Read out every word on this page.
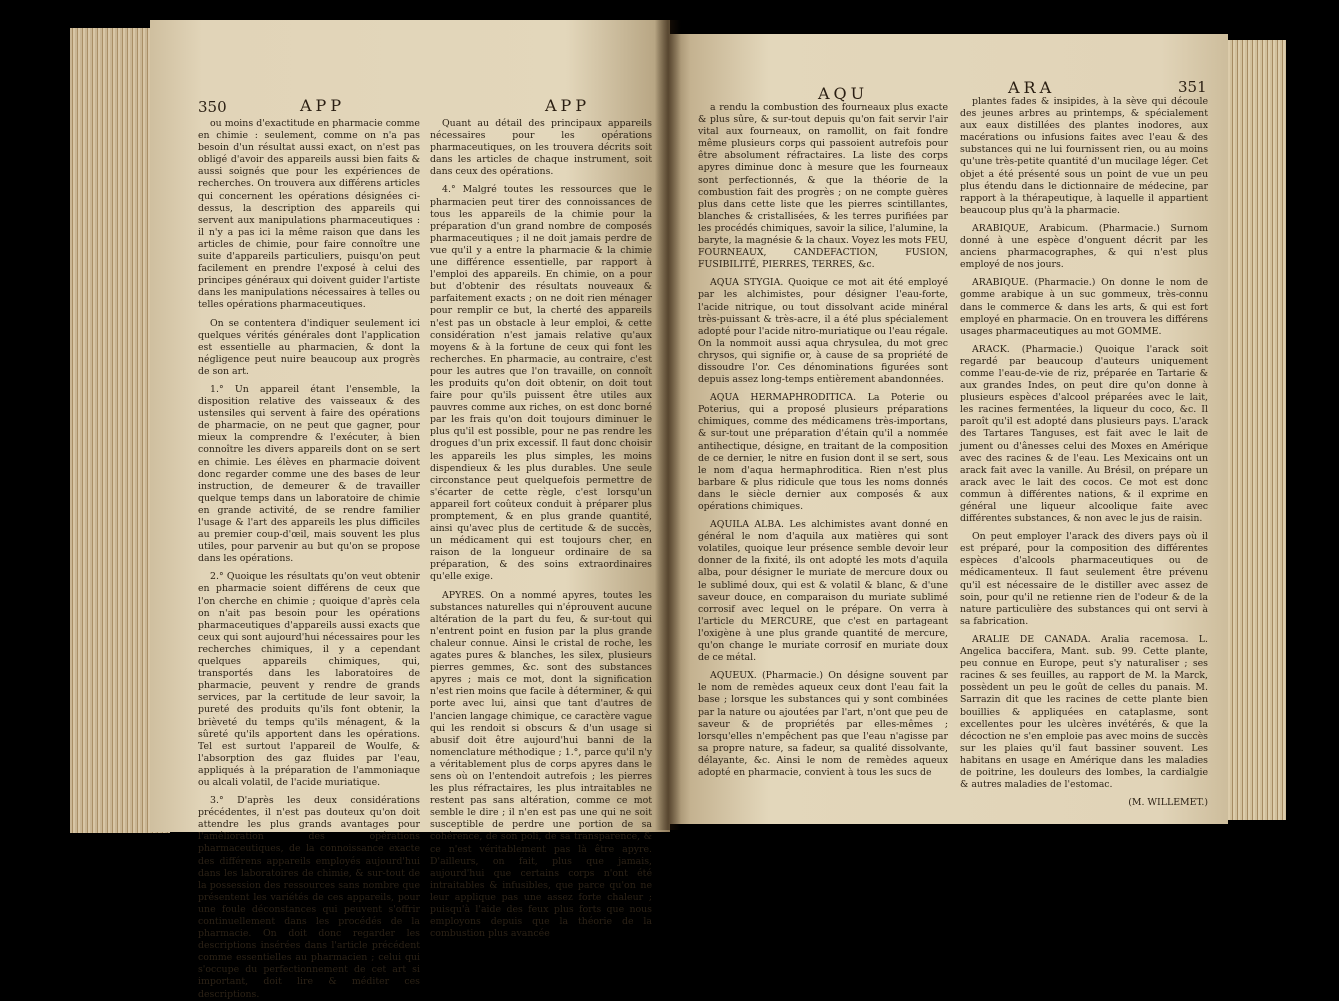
350	APP	APP

ou moins d'exactitude en pharmacie comme en chimie : seulement, comme on n'a pas besoin d'un résultat aussi exact, on n'est pas obligé d'avoir des appareils aussi bien faits & aussi soignés que pour les expériences de recherches. On trouvera aux différens articles qui concernent les opérations désignées ci-dessus, la description des appareils qui servent aux manipulations pharmaceutiques : il n'y a pas ici la même raison que dans les articles de chimie, pour faire connoître une suite d'appareils particuliers, puisqu'on peut facilement en prendre l'exposé à celui des principes généraux qui doivent guider l'artiste dans les manipulations nécessaires à telles ou telles opérations pharmaceutiques.

On se contentera d'indiquer seulement ici quelques vérités générales dont l'application est essentielle au pharmacien, & dont la négligence peut nuire beaucoup aux progrès de son art.

1.° Un appareil étant l'ensemble, la disposition relative des vaisseaux & des ustensiles qui servent à faire des opérations de pharmacie, on ne peut que gagner, pour mieux la comprendre & l'exécuter, à bien connoître les divers appareils dont on se sert en chimie. Les élèves en pharmacie doivent donc regarder comme une des bases de leur instruction, de demeurer & de travailler quelque temps dans un laboratoire de chimie en grande activité, de se rendre familier l'usage & l'art des appareils les plus difficiles au premier coup-d'œil, mais souvent les plus utiles, pour parvenir au but qu'on se propose dans les opérations.

2.° Quoique les résultats qu'on veut obtenir en pharmacie soient différens de ceux que l'on cherche en chimie ; quoique d'après cela on n'ait pas besoin pour les opérations pharmaceutiques d'appareils aussi exacts que ceux qui sont aujourd'hui nécessaires pour les recherches chimiques, il y a cependant quelques appareils chimiques, qui, transportés dans les laboratoires de pharmacie, peuvent y rendre de grands services, par la certitude de leur savoir, la pureté des produits qu'ils font obtenir, la brièveté du temps qu'ils ménagent, & la sûreté qu'ils apportent dans les opérations. Tel est surtout l'appareil de Woulfe, & l'absorption des gaz fluides par l'eau, appliqués à la préparation de l'ammoniaque ou alcali volatil, de l'acide muriatique.

3.° D'après les deux considérations précédentes, il n'est pas douteux qu'on doit attendre les plus grands avantages pour l'amélioration des opérations pharmaceutiques, de la connoissance exacte des différens appareils employés aujourd'hui dans les laboratoires de chimie, & sur-tout de la possession des ressources sans nombre que présentent les variétés de ces appareils, pour une foule déconstances qui peuvent s'offrir continuellement dans les procédés de la pharmacie. On doit donc regarder les descriptions insérées dans l'article précédent comme essentielles au pharmacien ; celui qui s'occupe du perfectionnement de cet art si important, doit lire & méditer ces descriptions.

Quant au détail des principaux appareils nécessaires pour les opérations pharmaceutiques, on les trouvera décrits soit dans les articles de chaque instrument, soit dans ceux des opérations.

4.° Malgré toutes les ressources que le pharmacien peut tirer des connoissances de tous les appareils de la chimie pour la préparation d'un grand nombre de composés pharmaceutiques ; il ne doit jamais perdre de vue qu'il y a entre la pharmacie & la chimie une différence essentielle, par rapport à l'emploi des appareils. En chimie, on a pour but d'obtenir des résultats nouveaux & parfaitement exacts ; on ne doit rien ménager pour remplir ce but, la cherté des appareils n'est pas un obstacle à leur emploi, & cette considération n'est jamais relative qu'aux moyens & à la fortune de ceux qui font les recherches. En pharmacie, au contraire, c'est pour les autres que l'on travaille, on connoît les produits qu'on doit obtenir, on doit tout faire pour qu'ils puissent être utiles aux pauvres comme aux riches, on est donc borné par les frais qu'on doit toujours diminuer le plus qu'il est possible, pour ne pas rendre les drogues d'un prix excessif. Il faut donc choisir les appareils les plus simples, les moins dispendieux & les plus durables. Une seule circonstance peut quelquefois permettre de s'écarter de cette règle, c'est lorsqu'un appareil fort coûteux conduit à préparer plus promptement, & en plus grande quantité, ainsi qu'avec plus de certitude & de succès, un médicament qui est toujours cher, en raison de la longueur ordinaire de sa préparation, & des soins extraordinaires qu'elle exige.

APYRES. On a nommé apyres, toutes les substances naturelles qui n'éprouvent aucune altération de la part du feu, & sur-tout qui n'entrent point en fusion par la plus grande chaleur connue. Ainsi le cristal de roche, les agates pures & blanches, les silex, plusieurs pierres gemmes, &c. sont des substances apyres ; mais ce mot, dont la signification n'est rien moins que facile à déterminer, & qui porte avec lui, ainsi que tant d'autres de l'ancien langage chimique, ce caractère vague qui les rendoit si obscurs & d'un usage si abusif doit être aujourd'hui banni de la nomenclature méthodique ; 1.°, parce qu'il n'y a véritablement plus de corps apyres dans le sens où on l'entendoit autrefois ; les pierres les plus réfractaires, les plus intraitables ne restent pas sans altération, comme ce mot semble le dire ; il n'en est pas une qui ne soit susceptible de perdre une portion de sa cohérence, de son poli, de sa transparence, & ce n'est véritablement pas là être apyre. D'ailleurs, on fait, plus que jamais, aujourd'hui que certains corps n'ont été intraitables & infusibles, que parce qu'on ne leur applique pas une assez forte chaleur ; puisqu'à l'aide des feux plus forts que nous employons depuis que la théorie de la combustion plus avancée

AQU	ARA	351

a rendu la combustion des fourneaux plus exacte & plus sûre, & sur-tout depuis qu'on fait servir l'air vital aux fourneaux, on ramollit, on fait fondre même plusieurs corps qui passoient autrefois pour être absolument réfractaires. La liste des corps apyres diminue donc à mesure que les fourneaux sont perfectionnés, & que la théorie de la combustion fait des progrès ; on ne compte guères plus dans cette liste que les pierres scintillantes, blanches & cristallisées, & les terres purifiées par les procédés chimiques, savoir la silice, l'alumine, la baryte, la magnésie & la chaux. Voyez les mots FEU, FOURNEAUX, CANDEFACTION, FUSION, FUSIBILITÉ, PIERRES, TERRES, &c.

AQUA STYGIA. Quoique ce mot ait été employé par les alchimistes, pour désigner l'eau-forte, l'acide nitrique, ou tout dissolvant acide minéral très-puissant & très-acre, il a été plus spécialement adopté pour l'acide nitro-muriatique ou l'eau régale. On la nommoit aussi aqua chrysulea, du mot grec chrysos, qui signifie or, à cause de sa propriété de dissoudre l'or. Ces dénominations figurées sont depuis assez long-temps entièrement abandonnées.

AQUA HERMAPHRODITICA. La Poterie ou Poterius, qui a proposé plusieurs préparations chimiques, comme des médicamens très-importans, & sur-tout une préparation d'étain qu'il a nommée antihectique, désigne, en traitant de la composition de ce dernier, le nitre en fusion dont il se sert, sous le nom d'aqua hermaphroditica. Rien n'est plus barbare & plus ridicule que tous les noms donnés dans le siècle dernier aux composés & aux opérations chimiques.

AQUILA ALBA. Les alchimistes avant donné en général le nom d'aquila aux matières qui sont volatiles, quoique leur présence semble devoir leur donner de la fixité, ils ont adopté les mots d'aquila alba, pour désigner le muriate de mercure doux ou le sublimé doux, qui est & volatil & blanc, & d'une saveur douce, en comparaison du muriate sublimé corrosif avec lequel on le prépare. On verra à l'article du MERCURE, que c'est en partageant l'oxigène à une plus grande quantité de mercure, qu'on change le muriate corrosif en muriate doux de ce métal.

AQUEUX. (Pharmacie.) On désigne souvent par le nom de remèdes aqueux ceux dont l'eau fait la base ; lorsque les substances qui y sont combinées par la nature ou ajoutées par l'art, n'ont que peu de saveur & de propriétés par elles-mêmes ; lorsqu'elles n'empêchent pas que l'eau n'agisse par sa propre nature, sa fadeur, sa qualité dissolvante, délayante, &c. Ainsi le nom de remèdes aqueux adopté en pharmacie, convient à tous les sucs de

plantes fades & insipides, à la sève qui découle des jeunes arbres au printemps, & spécialement aux eaux distillées des plantes inodores, aux macérations ou infusions faites avec l'eau & des substances qui ne lui fournissent rien, ou au moins qu'une très-petite quantité d'un mucilage léger. Cet objet a été présenté sous un point de vue un peu plus étendu dans le dictionnaire de médecine, par rapport à la thérapeutique, à laquelle il appartient beaucoup plus qu'à la pharmacie.

ARABIQUE, Arabicum. (Pharmacie.) Surnom donné à une espèce d'onguent décrit par les anciens pharmacographes, & qui n'est plus employé de nos jours.

ARABIQUE. (Pharmacie.) On donne le nom de gomme arabique à un suc gommeux, très-connu dans le commerce & dans les arts, & qui est fort employé en pharmacie. On en trouvera les différens usages pharmaceutiques au mot GOMME.

ARACK. (Pharmacie.) Quoique l'arack soit regardé par beaucoup d'auteurs uniquement comme l'eau-de-vie de riz, préparée en Tartarie & aux grandes Indes, on peut dire qu'on donne à plusieurs espèces d'alcool préparées avec le lait, les racines fermentées, la liqueur du coco, &c. Il paroît qu'il est adopté dans plusieurs pays. L'arack des Tartares Tanguses, est fait avec le lait de jument ou d'ânesses celui des Moxes en Amérique avec des racines & de l'eau. Les Mexicains ont un arack fait avec la vanille. Au Brésil, on prépare un arack avec le lait des cocos. Ce mot est donc commun à différentes nations, & il exprime en général une liqueur alcoolique faite avec différentes substances, & non avec le jus de raisin.

On peut employer l'arack des divers pays où il est préparé, pour la composition des différentes espèces d'alcools pharmaceutiques ou de médicamenteux. Il faut seulement être prévenu qu'il est nécessaire de le distiller avec assez de soin, pour qu'il ne retienne rien de l'odeur & de la nature particulière des substances qui ont servi à sa fabrication.

ARALIE DE CANADA. Aralia racemosa. L. Angelica baccifera, Mant. sub. 99. Cette plante, peu connue en Europe, peut s'y naturaliser ; ses racines & ses feuilles, au rapport de M. la Marck, possèdent un peu le goût de celles du panais. M. Sarrazin dit que les racines de cette plante bien bouillies & appliquées en cataplasme, sont excellentes pour les ulcères invétérés, & que la décoction ne s'en emploie pas avec moins de succès sur les plaies qu'il faut bassiner souvent. Les habitans en usage en Amérique dans les maladies de poitrine, les douleurs des lombes, la cardialgie & autres maladies de l'estomac.

(M. WILLEMET.)
